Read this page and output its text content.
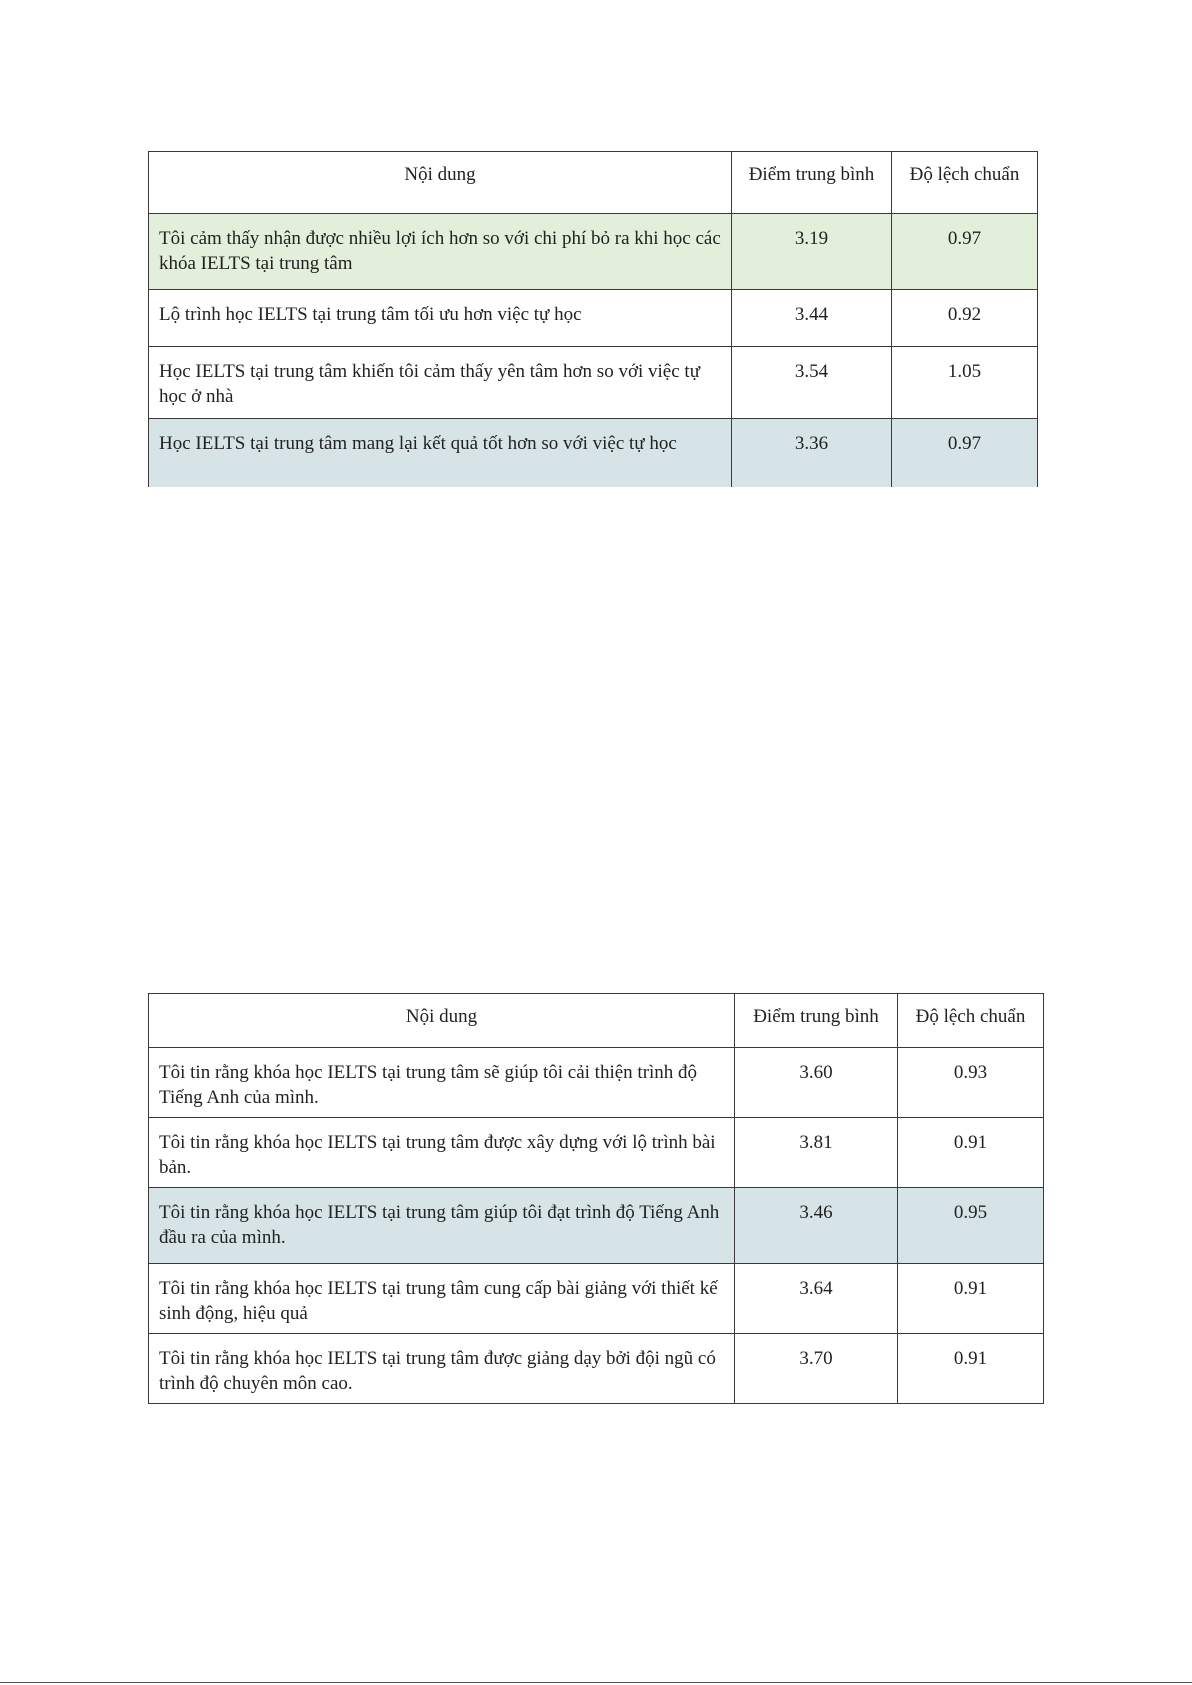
Nội dung	Điểm trung bình	Độ lệch chuẩn
Tôi cảm thấy nhận được nhiều lợi ích hơn so với chi phí bỏ ra khi học các khóa IELTS tại trung tâm	3.19	0.97
Lộ trình học IELTS tại trung tâm tối ưu hơn việc tự học	3.44	0.92
Học IELTS tại trung tâm khiến tôi cảm thấy yên tâm hơn so với việc tự học ở nhà	3.54	1.05
Học IELTS tại trung tâm mang lại kết quả tốt hơn so với việc tự học	3.36	0.97
Nội dung	Điểm trung bình	Độ lệch chuẩn
Tôi tin rằng khóa học IELTS tại trung tâm sẽ giúp tôi cải thiện trình độ Tiếng Anh của mình.	3.60	0.93
Tôi tin rằng khóa học IELTS tại trung tâm được xây dựng với lộ trình bài bản.	3.81	0.91
Tôi tin rằng khóa học IELTS tại trung tâm giúp tôi đạt trình độ Tiếng Anh đầu ra của mình.	3.46	0.95
Tôi tin rằng khóa học IELTS tại trung tâm cung cấp bài giảng với thiết kế sinh động, hiệu quả	3.64	0.91
Tôi tin rằng khóa học IELTS tại trung tâm được giảng dạy bởi đội ngũ có trình độ chuyên môn cao.	3.70	0.91
